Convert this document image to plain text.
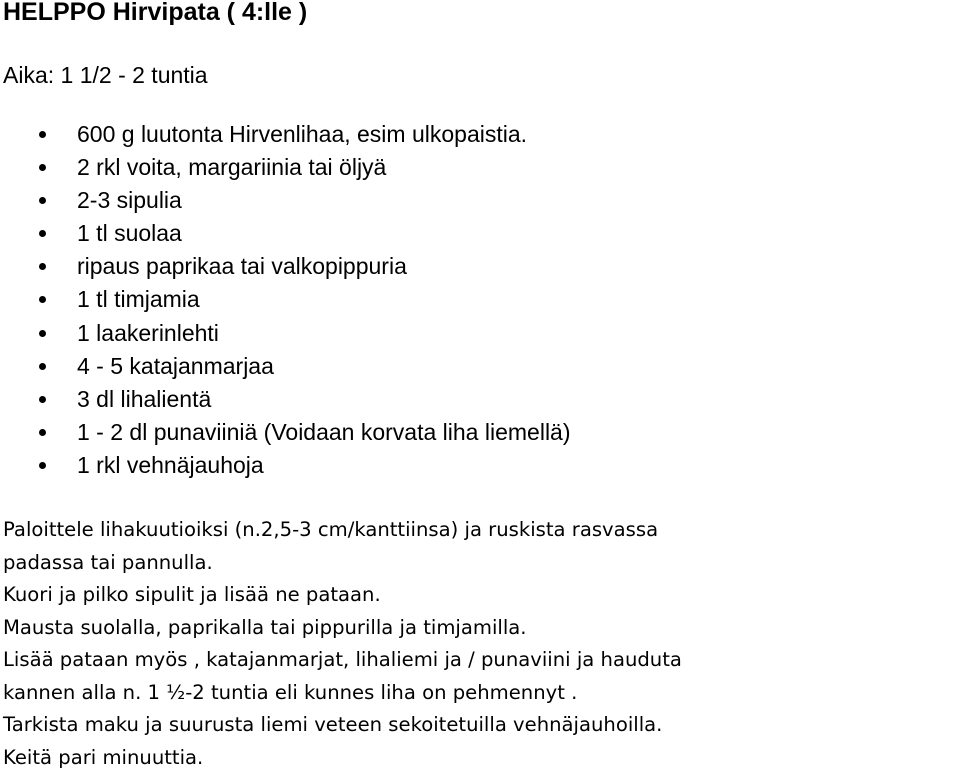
HELPPO Hirvipata ( 4:lle )

Aika: 1 1/2 - 2 tuntia

600 g luutonta Hirvenlihaa, esim ulkopaistia.
2 rkl voita, margariinia tai öljyä
2-3 sipulia
1 tl suolaa
ripaus paprikaa tai valkopippuria
1 tl timjamia
1 laakerinlehti
4 - 5 katajanmarjaa
3 dl lihalientä
1 - 2 dl punaviiniä (Voidaan korvata liha liemellä)
1 rkl vehnäjauhoja
Paloittele lihakuutioiksi (n.2,5-3 cm/kanttiinsa) ja ruskista rasvassa
padassa tai pannulla.
Kuori ja pilko sipulit ja lisää ne pataan.
Mausta suolalla, paprikalla tai pippurilla ja timjamilla.
Lisää pataan myös , katajanmarjat, lihaliemi ja / punaviini ja hauduta
kannen alla n. 1 ½-2 tuntia eli kunnes liha on pehmennyt .
Tarkista maku ja suurusta liemi veteen sekoitetuilla vehnäjauhoilla.
Keitä pari minuuttia.
